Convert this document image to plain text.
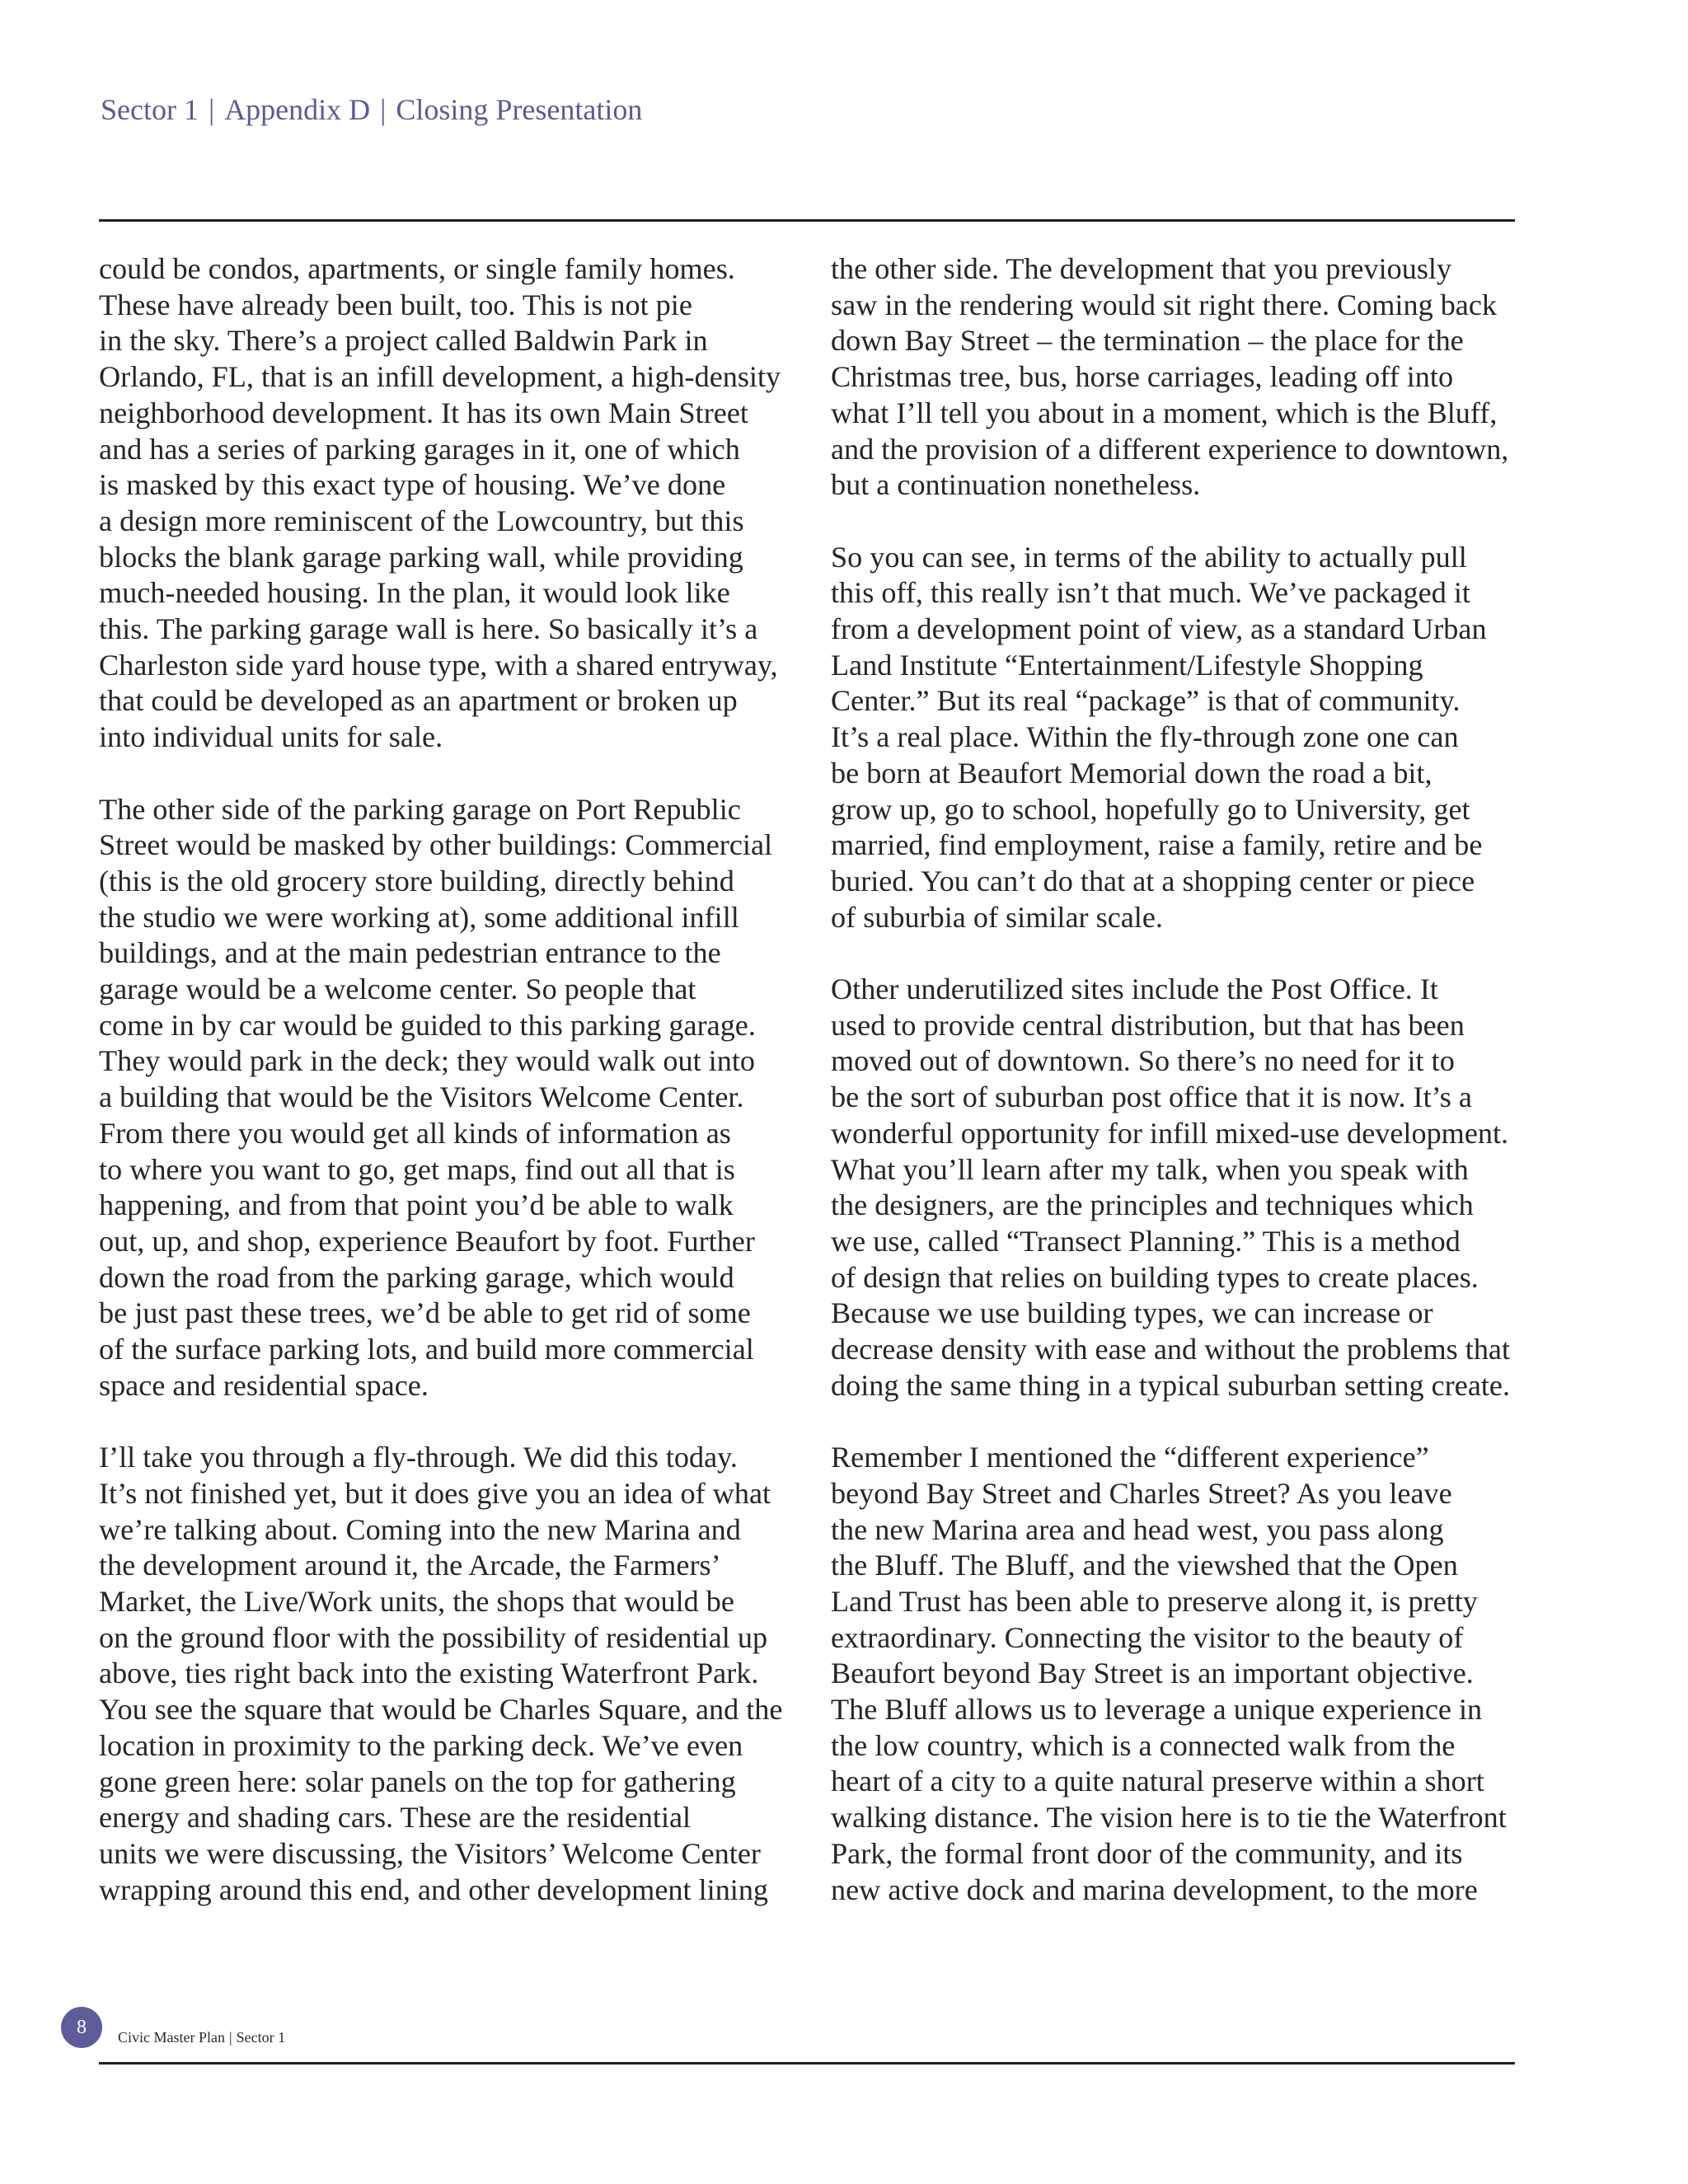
Sector 1 | Appendix D | Closing Presentation

could be condos, apartments, or single family homes.
These have already been built, too. This is not pie
in the sky. There’s a project called Baldwin Park in
Orlando, FL, that is an infill development, a high-density
neighborhood development. It has its own Main Street
and has a series of parking garages in it, one of which
is masked by this exact type of housing. We’ve done
a design more reminiscent of the Lowcountry, but this
blocks the blank garage parking wall, while providing
much-needed housing. In the plan, it would look like
this. The parking garage wall is here. So basically it’s a
Charleston side yard house type, with a shared entryway,
that could be developed as an apartment or broken up
into individual units for sale.

The other side of the parking garage on Port Republic
Street would be masked by other buildings: Commercial
(this is the old grocery store building, directly behind
the studio we were working at), some additional infill
buildings, and at the main pedestrian entrance to the
garage would be a welcome center. So people that
come in by car would be guided to this parking garage.
They would park in the deck; they would walk out into
a building that would be the Visitors Welcome Center.
From there you would get all kinds of information as
to where you want to go, get maps, find out all that is
happening, and from that point you’d be able to walk
out, up, and shop, experience Beaufort by foot. Further
down the road from the parking garage, which would
be just past these trees, we’d be able to get rid of some
of the surface parking lots, and build more commercial
space and residential space.

I’ll take you through a fly-through. We did this today.
It’s not finished yet, but it does give you an idea of what
we’re talking about. Coming into the new Marina and
the development around it, the Arcade, the Farmers’
Market, the Live/Work units, the shops that would be
on the ground floor with the possibility of residential up
above, ties right back into the existing Waterfront Park.
You see the square that would be Charles Square, and the
location in proximity to the parking deck. We’ve even
gone green here: solar panels on the top for gathering
energy and shading cars. These are the residential
units we were discussing, the Visitors’ Welcome Center
wrapping around this end, and other development lining

the other side. The development that you previously
saw in the rendering would sit right there. Coming back
down Bay Street – the termination – the place for the
Christmas tree, bus, horse carriages, leading off into
what I’ll tell you about in a moment, which is the Bluff,
and the provision of a different experience to downtown,
but a continuation nonetheless.

So you can see, in terms of the ability to actually pull
this off, this really isn’t that much. We’ve packaged it
from a development point of view, as a standard Urban
Land Institute “Entertainment/Lifestyle Shopping
Center.” But its real “package” is that of community.
It’s a real place. Within the fly-through zone one can
be born at Beaufort Memorial down the road a bit,
grow up, go to school, hopefully go to University, get
married, find employment, raise a family, retire and be
buried. You can’t do that at a shopping center or piece
of suburbia of similar scale.

Other underutilized sites include the Post Office. It
used to provide central distribution, but that has been
moved out of downtown. So there’s no need for it to
be the sort of suburban post office that it is now. It’s a
wonderful opportunity for infill mixed-use development.
What you’ll learn after my talk, when you speak with
the designers, are the principles and techniques which
we use, called “Transect Planning.” This is a method
of design that relies on building types to create places.
Because we use building types, we can increase or
decrease density with ease and without the problems that
doing the same thing in a typical suburban setting create.

Remember I mentioned the “different experience”
beyond Bay Street and Charles Street? As you leave
the new Marina area and head west, you pass along
the Bluff. The Bluff, and the viewshed that the Open
Land Trust has been able to preserve along it, is pretty
extraordinary. Connecting the visitor to the beauty of
Beaufort beyond Bay Street is an important objective.
The Bluff allows us to leverage a unique experience in
the low country, which is a connected walk from the
heart of a city to a quite natural preserve within a short
walking distance. The vision here is to tie the Waterfront
Park, the formal front door of the community, and its
new active dock and marina development, to the more

8	Civic Master Plan | Sector 1
